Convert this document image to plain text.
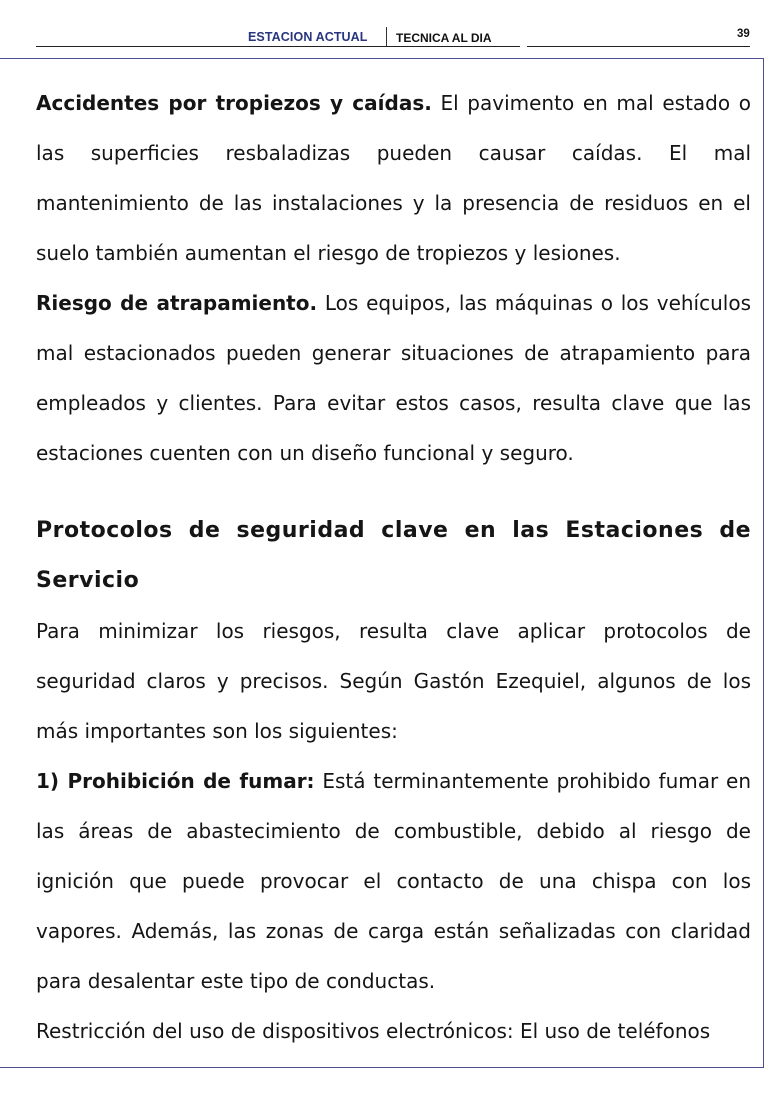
ESTACION ACTUAL TECNICA AL DIA	39

Accidentes por tropiezos y caídas. El pavimento en mal estado o las superficies resbaladizas pueden causar caídas. El mal mantenimiento de las instalaciones y la presencia de residuos en el suelo también aumentan el riesgo de tropiezos y lesiones.

Riesgo de atrapamiento. Los equipos, las máquinas o los vehículos mal estacionados pueden generar situaciones de atrapamiento para empleados y clientes. Para evitar estos casos, resulta clave que las estaciones cuenten con un diseño funcional y seguro.

Protocolos de seguridad clave en las Estaciones de Servicio

Para minimizar los riesgos, resulta clave aplicar protocolos de seguridad claros y precisos. Según Gastón Ezequiel, algunos de los más importantes son los siguientes:

1) Prohibición de fumar: Está terminantemente prohibido fumar en las áreas de abastecimiento de combustible, debido al riesgo de ignición que puede provocar el contacto de una chispa con los vapores. Además, las zonas de carga están señalizadas con claridad para desalentar este tipo de conductas.

Restricción del uso de dispositivos electrónicos: El uso de teléfonos
